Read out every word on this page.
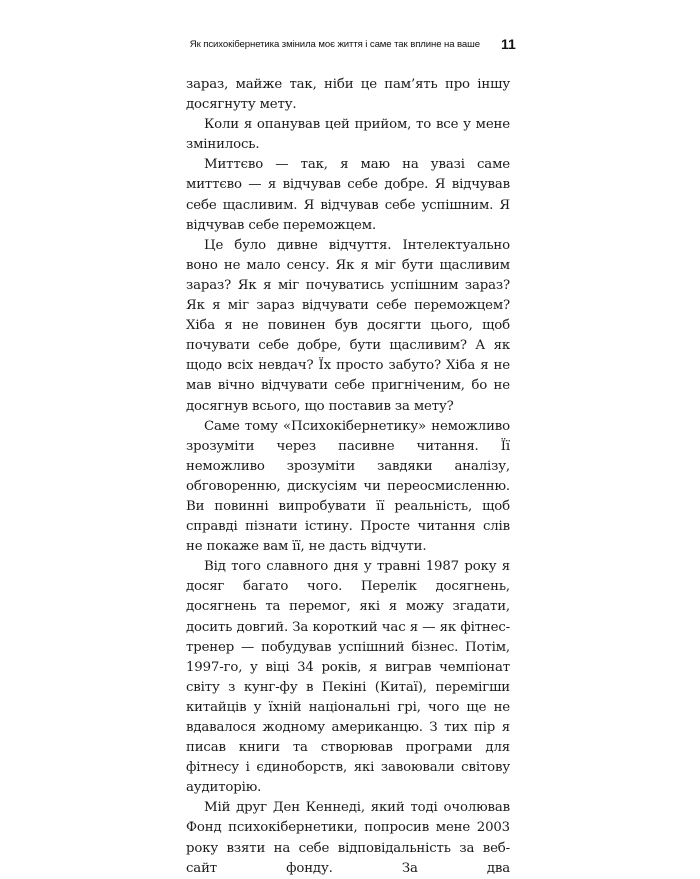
Як психокібернетика змінила моє життя і саме так вплине на ваше 11

зараз, майже так, ніби це пам’ять про іншу досягнуту мету.

Коли я опанував цей прийом, то все у мене змінилось.

Миттєво — так, я маю на увазі саме миттєво — я відчував себе добре. Я відчував себе щасливим. Я відчував себе успішним. Я відчував себе переможцем.

Це було дивне відчуття. Інтелектуально воно не мало сенсу. Як я міг бути щасливим зараз? Як я міг почуватись успішним зараз? Як я міг зараз відчувати себе переможцем? Хіба я не повинен був досягти цього, щоб почувати себе добре, бути щасливим? А як щодо всіх невдач? Їх просто забуто? Хіба я не мав вічно відчувати себе пригніченим, бо не досягнув всього, що поставив за мету?

Саме тому «Психокібернетику» неможливо зрозуміти через пасивне читання. Її неможливо зрозуміти завдяки аналізу, обговоренню, дискусіям чи переосмисленню. Ви повинні випробувати її реальність, щоб справді пізнати істину. Просте читання слів не покаже вам її, не дасть відчути.

Від того славного дня у травні 1987 року я досяг багато чого. Перелік досягнень, досягнень та перемог, які я можу згадати, досить довгий. За короткий час я — як фітнес-тренер — побудував успішний бізнес. Потім, 1997-го, у віці 34 років, я виграв чемпіонат світу з кунг-фу в Пекіні (Китаї), перемігши китайців у їхній національні грі, чого ще не вдавалося жодному американцю. З тих пір я писав книги та створював програми для фітнесу і єдиноборств, які завоювали світову аудиторію.

Мій друг Ден Кеннеді, який тоді очолював Фонд психокібернетики, попросив мене 2003 року взяти на себе відповідальність за веб-сайт фонду. За два
